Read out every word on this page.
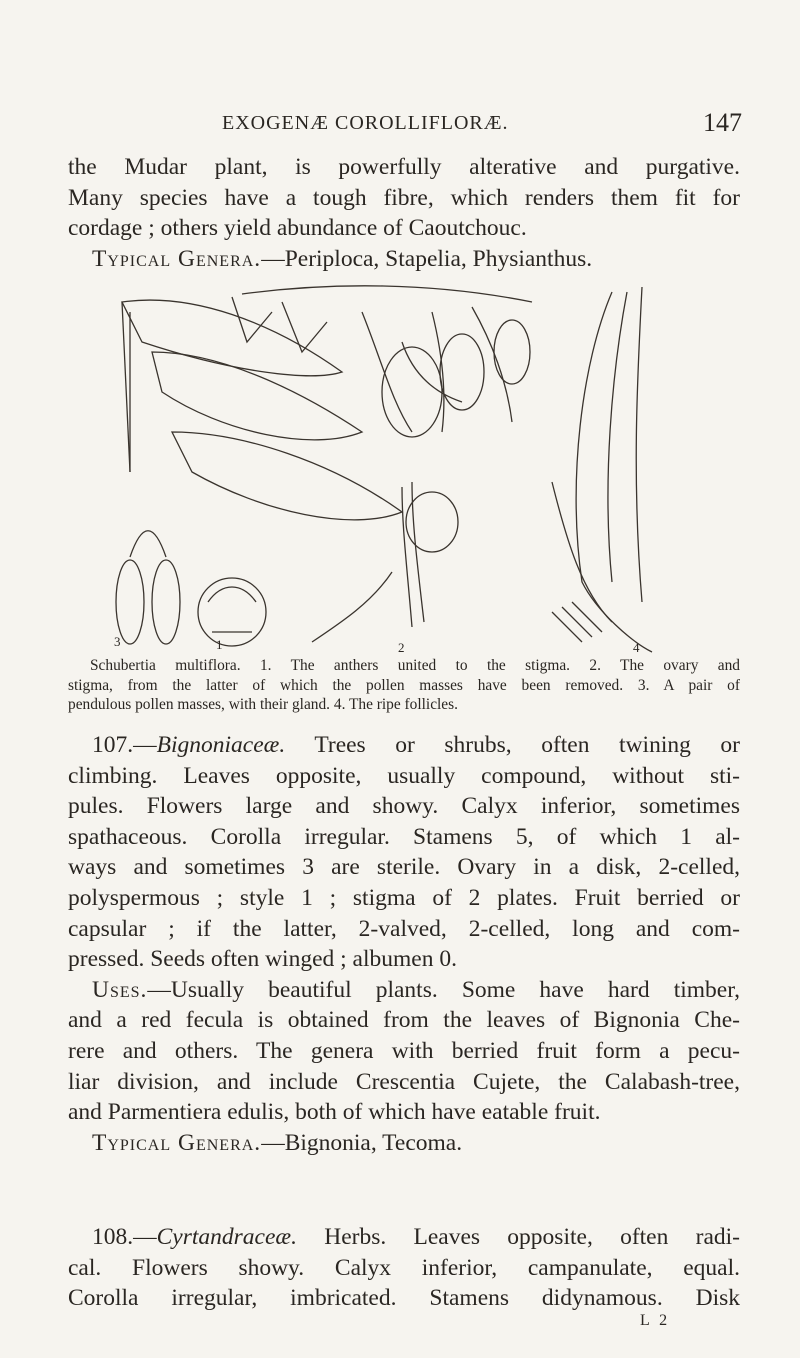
EXOGENÆ COROLLIFLORÆ.	147
the Mudar plant, is powerfully alterative and purgative.
Many species have a tough fibre, which renders them fit for
cordage ; others yield abundance of Caoutchouc.
Typical Genera.—Periploca, Stapelia, Physianthus.
3	1	2	4
Schubertia multiflora. 1. The anthers united to the stigma. 2. The ovary and
stigma, from the latter of which the pollen masses have been removed. 3. A pair of
pendulous pollen masses, with their gland. 4. The ripe follicles.
107.—Bignoniaceæ. Trees or shrubs, often twining or
climbing. Leaves opposite, usually compound, without sti-
pules. Flowers large and showy. Calyx inferior, sometimes
spathaceous. Corolla irregular. Stamens 5, of which 1 al-
ways and sometimes 3 are sterile. Ovary in a disk, 2-celled,
polyspermous ; style 1 ; stigma of 2 plates. Fruit berried or
capsular ; if the latter, 2-valved, 2-celled, long and com-
pressed. Seeds often winged ; albumen 0.
Uses.—Usually beautiful plants. Some have hard timber,
and a red fecula is obtained from the leaves of Bignonia Che-
rere and others. The genera with berried fruit form a pecu-
liar division, and include Crescentia Cujete, the Calabash-tree,
and Parmentiera edulis, both of which have eatable fruit.
Typical Genera.—Bignonia, Tecoma.
108.—Cyrtandraceæ. Herbs. Leaves opposite, often radi-
cal. Flowers showy. Calyx inferior, campanulate, equal.
Corolla irregular, imbricated. Stamens didynamous. Disk
L 2
